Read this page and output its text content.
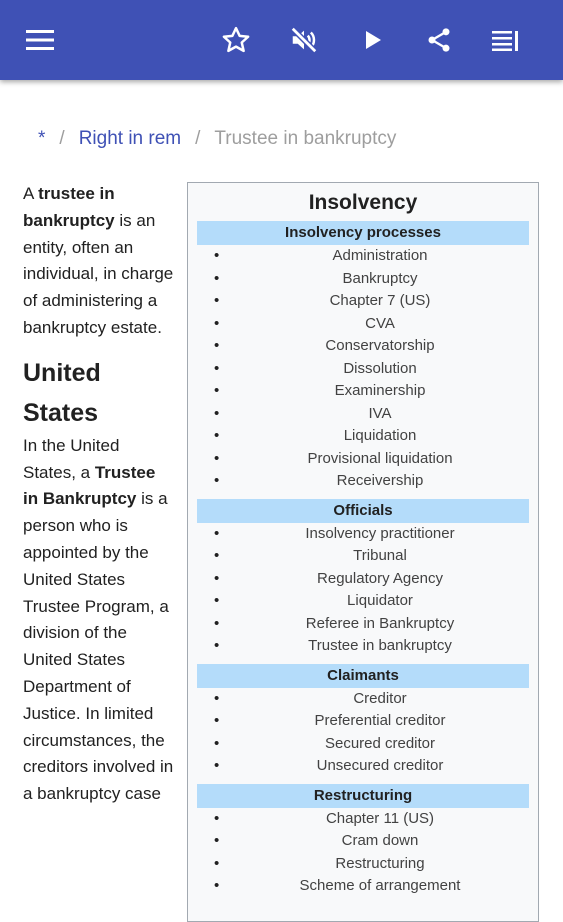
* / Right in rem / Trustee in bankruptcy

A trustee in bankruptcy is an entity, often an individual, in charge of administering a bankruptcy estate.

United States

In the United States, a Trustee in Bankruptcy is a person who is appointed by the United States Trustee Program, a division of the United States Department of Justice. In limited circumstances, the creditors involved in a bankruptcy case

Insolvency
Insolvency processes
• Administration
• Bankruptcy
• Chapter 7 (US)
• CVA
• Conservatorship
• Dissolution
• Examinership
• IVA
• Liquidation
• Provisional liquidation
• Receivership
Officials
• Insolvency practitioner
• Tribunal
• Regulatory Agency
• Liquidator
• Referee in Bankruptcy
• Trustee in bankruptcy
Claimants
• Creditor
• Preferential creditor
• Secured creditor
• Unsecured creditor
Restructuring
• Chapter 11 (US)
• Cram down
• Restructuring
• Scheme of arrangement
